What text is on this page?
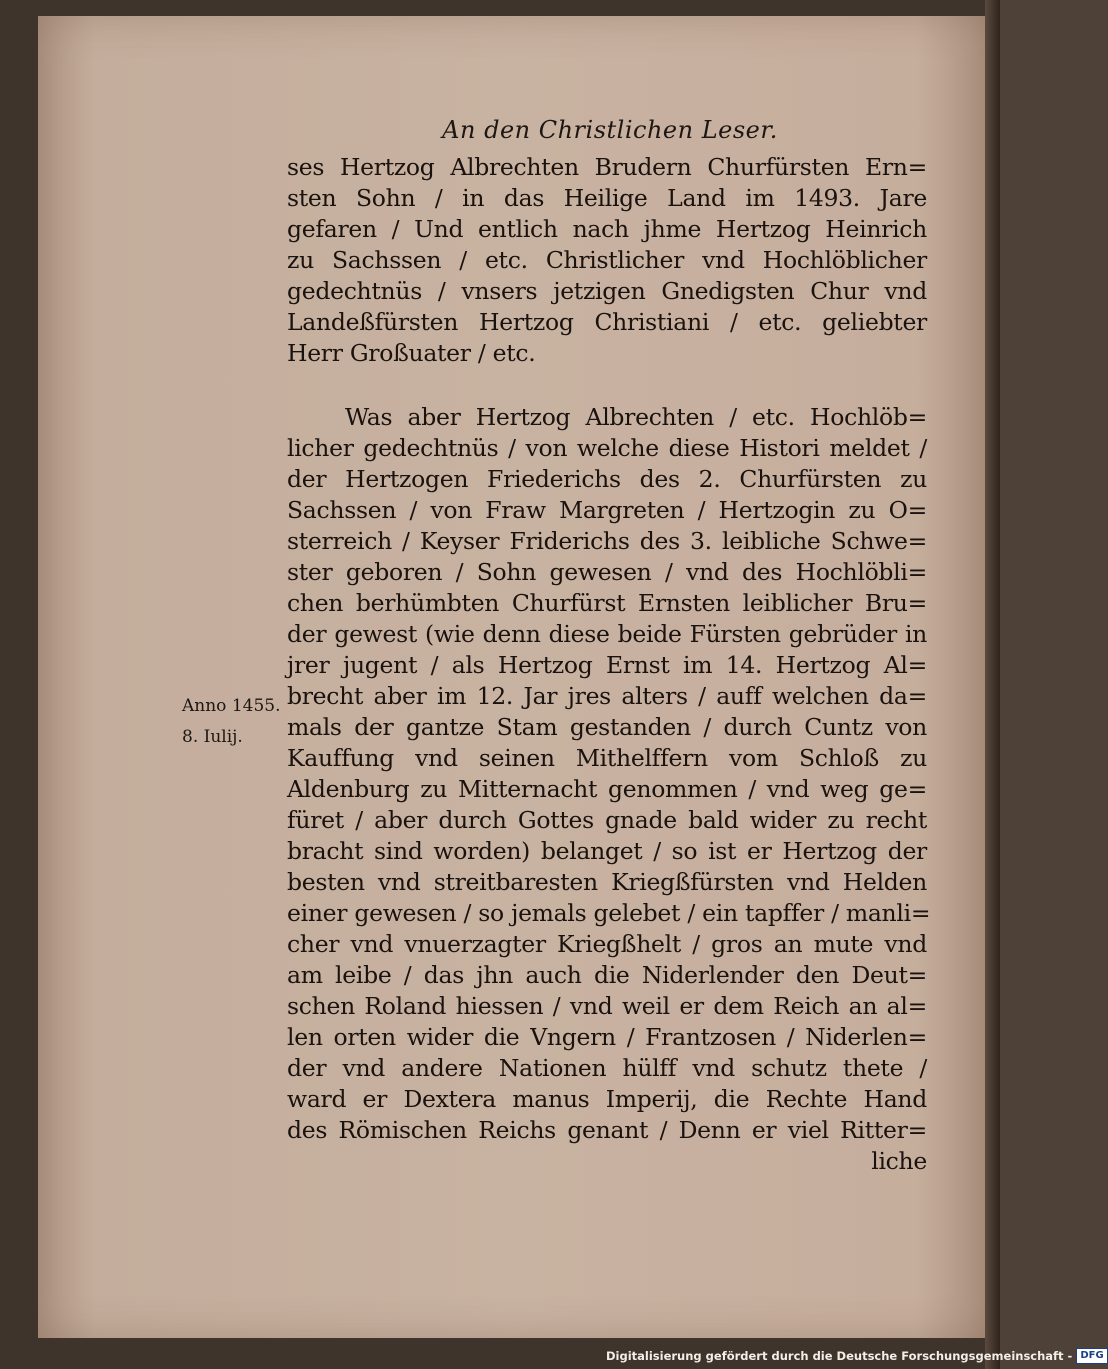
An den Christlichen Leser.
Anno 1455.
8. Iulij.
ses Hertzog Albrechten Brudern Churfürsten Ern=
sten Sohn / in das Heilige Land im 1493. Jare
gefaren / Und entlich nach jhme Hertzog Heinrich
zu Sachssen / etc. Christlicher vnd Hochlöblicher
gedechtnüs / vnsers jetzigen Gnedigsten Chur vnd
Landeßfürsten Hertzog Christiani / etc. geliebter
Herr Großuater / etc.
Was aber Hertzog Albrechten / etc. Hochlöb=
licher gedechtnüs / von welche diese Histori meldet /
der Hertzogen Friederichs des 2. Churfürsten zu
Sachssen / von Fraw Margreten / Hertzogin zu O=
sterreich / Keyser Friderichs des 3. leibliche Schwe=
ster geboren / Sohn gewesen / vnd des Hochlöbli=
chen berhümbten Churfürst Ernsten leiblicher Bru=
der gewest (wie denn diese beide Fürsten gebrüder in
jrer jugent / als Hertzog Ernst im 14. Hertzog Al=
brecht aber im 12. Jar jres alters / auff welchen da=
mals der gantze Stam gestanden / durch Cuntz von
Kauffung vnd seinen Mithelffern vom Schloß zu
Aldenburg zu Mitternacht genommen / vnd weg ge=
füret / aber durch Gottes gnade bald wider zu recht
bracht sind worden) belanget / so ist er Hertzog der
besten vnd streitbaresten Kriegßfürsten vnd Helden
einer gewesen / so jemals gelebet / ein tapffer / manli=
cher vnd vnuerzagter Kriegßhelt / gros an mute vnd
am leibe / das jhn auch die Niderlender den Deut=
schen Roland hiessen / vnd weil er dem Reich an al=
len orten wider die Vngern / Frantzosen / Niderlen=
der vnd andere Nationen hülff vnd schutz thete /
ward er Dextera manus Imperij, die Rechte Hand
des Römischen Reichs genant / Denn er viel Ritter=
liche
Digitalisierung gefördert durch die Deutsche Forschungsgemeinschaft - DFG
